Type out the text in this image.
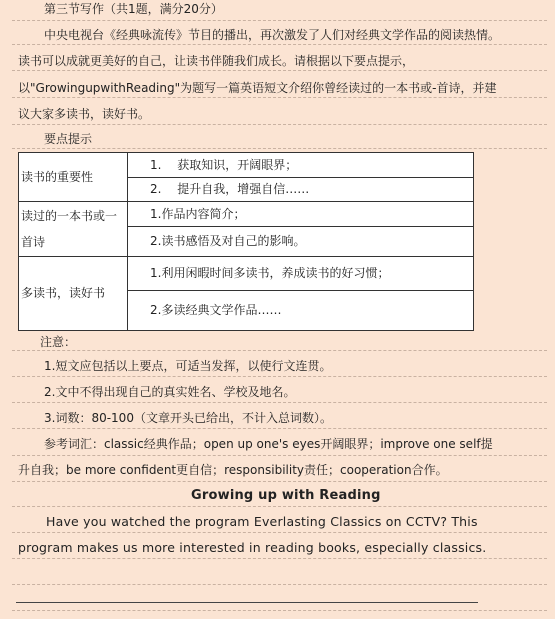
第三节写作（共1题，满分20分）
中央电视台《经典咏流传》节目的播出，再次激发了人们对经典文学作品的阅读热情。
读书可以成就更美好的自己，让读书伴随我们成长。请根据以下要点提示，
以"GrowingupwithReading"为题写一篇英语短文介绍你曾经读过的一本书或-首诗，并建
议大家多读书，读好书。
要点提示
读书的重要性	1.　 获取知识，开阔眼界；
	2.　 提升自我，增强自信……

读过的一本书或一
首诗	1.作品内容简介；
	2.读书感悟及对自己的影响。
多读书，读好书	1.利用闲暇时间多读书，养成读书的好习惯；
	2.多读经典文学作品……
注意：
1.短文应包括以上要点，可适当发挥，以使行文连贯。
2.文中不得出现自己的真实姓名、学校及地名。
3.词数：80-100（文章开头已给出，不计入总词数）。
参考词汇：classic经典作品；open up one's eyes开阔眼界；improve one self提
升自我；be more confident更自信；responsibility责任；cooperation合作。
Growing up with Reading
Have you watched the program Everlasting Classics on CCTV? This
program makes us more interested in reading books, especially classics.
